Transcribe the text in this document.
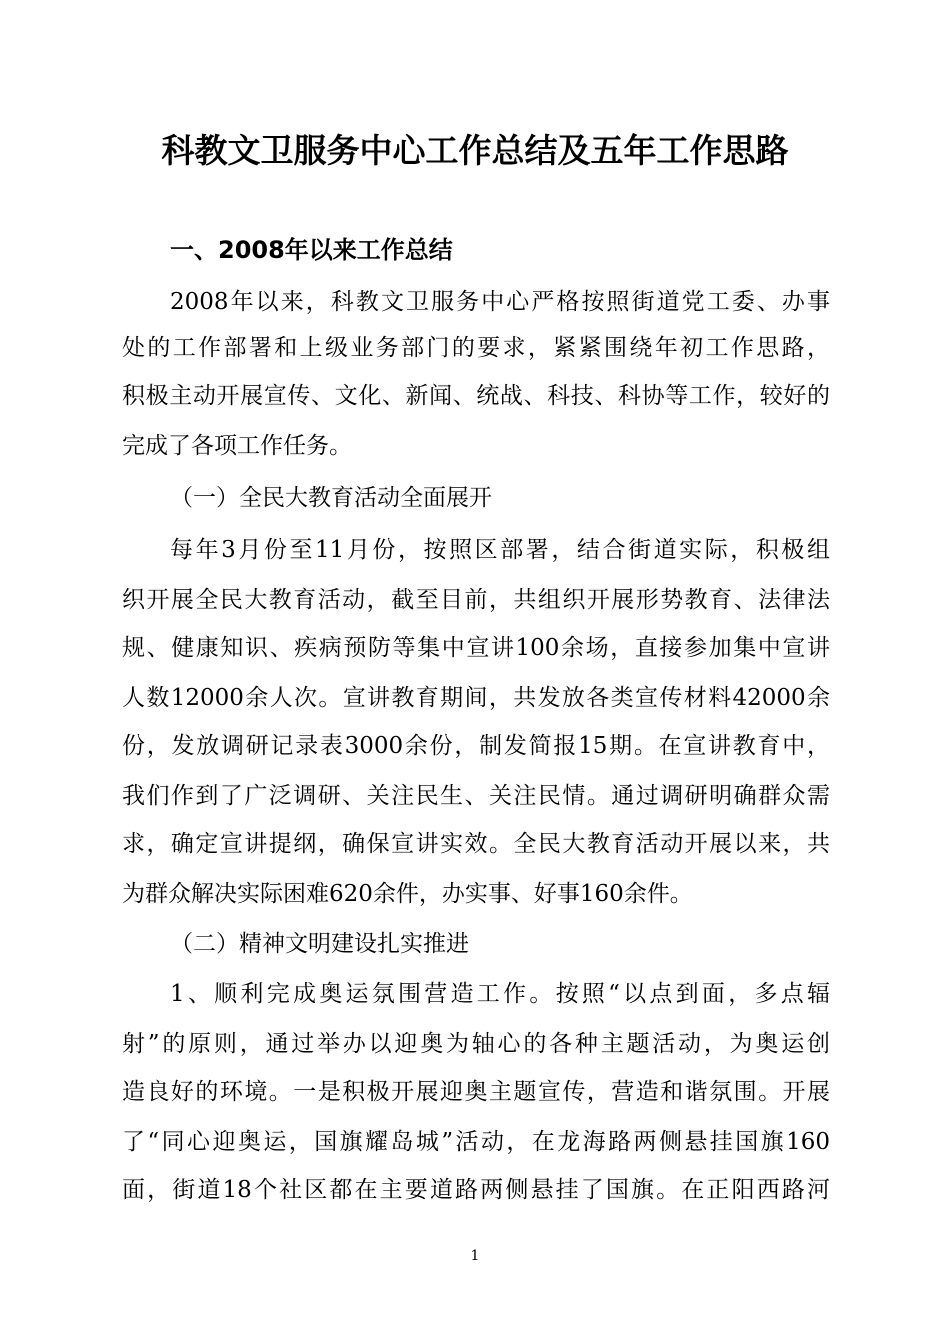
科教文卫服务中心工作总结及五年工作思路
一、2008年以来工作总结
2008年以来，科教文卫服务中心严格按照街道党工委、办事
处的工作部署和上级业务部门的要求，紧紧围绕年初工作思路，
积极主动开展宣传、文化、新闻、统战、科技、科协等工作，较好的
完成了各项工作任务。
（一）全民大教育活动全面展开
每年3月份至11月份，按照区部署，结合街道实际，积极组
织开展全民大教育活动，截至目前，共组织开展形势教育、法律法
规、健康知识、疾病预防等集中宣讲100余场，直接参加集中宣讲
人数12000余人次。宣讲教育期间，共发放各类宣传材料42000余
份，发放调研记录表3000余份，制发简报15期。在宣讲教育中，
我们作到了广泛调研、关注民生、关注民情。通过调研明确群众需
求，确定宣讲提纲，确保宣讲实效。全民大教育活动开展以来，共
为群众解决实际困难620余件，办实事、好事160余件。
（二）精神文明建设扎实推进
1、顺利完成奥运氛围营造工作。按照“以点到面，多点辐
射”的原则，通过举办以迎奥为轴心的各种主题活动，为奥运创
造良好的环境。一是积极开展迎奥主题宣传，营造和谐氛围。开展
了“同心迎奥运，国旗耀岛城”活动，在龙海路两侧悬挂国旗160
面，街道18个社区都在主要道路两侧悬挂了国旗。在正阳西路河
1
